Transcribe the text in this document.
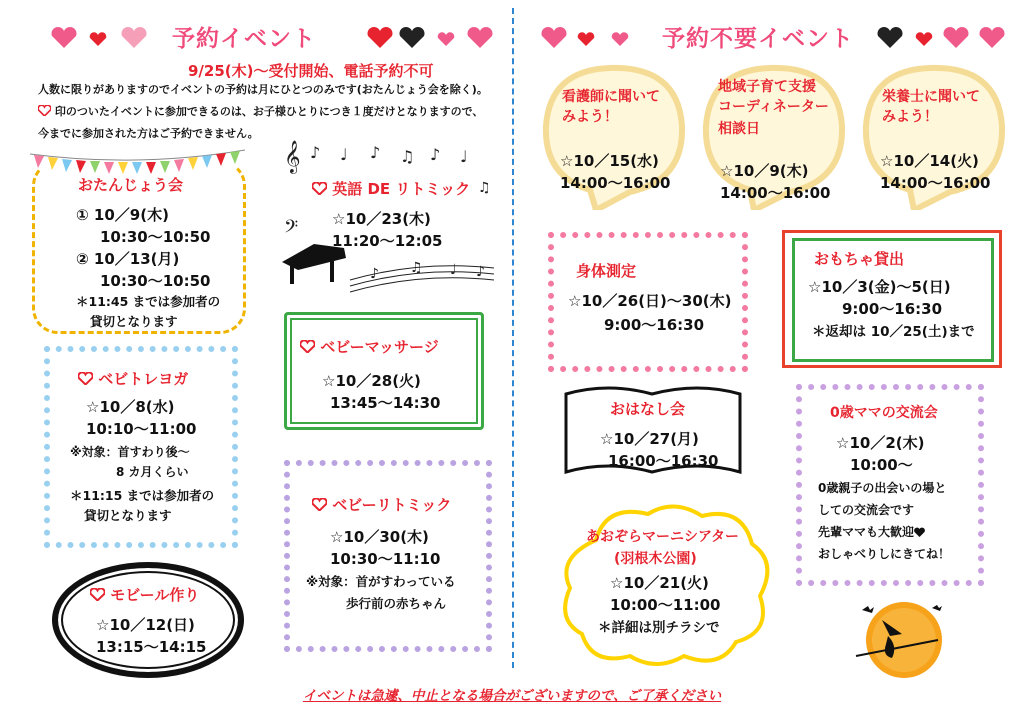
予約イベント	予約不要イベント
9/25(木)～受付開始、電話予約不可
人数に限りがありますのでイベントの予約は月にひとつのみです(おたんじょう会を除く)。
印のついたイベントに参加できるのは、お子様ひとりにつき１度だけとなりますので、
今までに参加された方はご予約できません。
おたんじょう会
① 10／9(木)
10:30～10:50
② 10／13(月)
10:30～10:50
＊11:45 までは参加者の
貸切となります
𝄞 ♪ ♩ ♪ ♫ ♪ ♩
♫
𝄢
♪ ♫ ♩ ♪
英語 DE リトミック
☆10／23(木)
11:20～12:05
ベビーマッサージ
☆10／28(火)
13:45～14:30
ベビトレヨガ
☆10／8(水)
10:10～11:00
※対象：首すわり後～
8 カ月くらい
＊11:15 までは参加者の
貸切となります
ベビーリトミック
☆10／30(木)
10:30～11:10
※対象：首がすわっている
歩行前の赤ちゃん
モビール作り
☆10／12(日)
13:15～14:15
看護師に聞いて
みよう！
☆10／15(水)
14:00～16:00
地域子育て支援
コーディネーター
相談日
☆10／9(木)
14:00～16:00
栄養士に聞いて
みよう！
☆10／14(火)
14:00～16:00
身体測定
☆10／26(日)～30(木)
9:00～16:30
おもちゃ貸出
☆10／3(金)～5(日)
9:00～16:30
＊返却は 10／25(土)まで
おはなし会
☆10／27(月)
16:00～16:30
あおぞらマーニシアター
(羽根木公園)
☆10／21(火)
10:00～11:00
＊詳細は別チラシで
0歳ママの交流会
☆10／2(木)
10:00～
0歳親子の出会いの場と
しての交流会です
先輩ママも大歓迎
おしゃべりしにきてね！
イベントは急遽、中止となる場合がございますので、ご了承ください
